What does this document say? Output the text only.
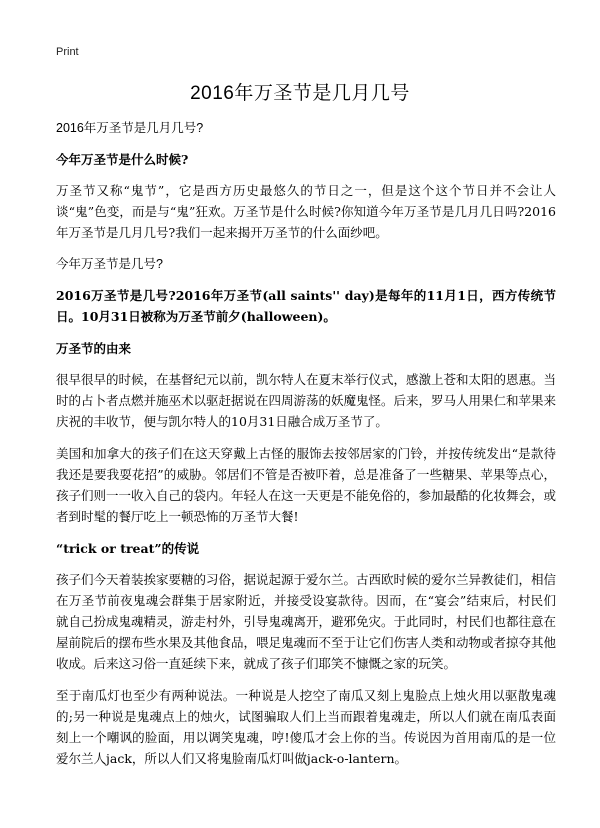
Print
2016年万圣节是几月几号

2016年万圣节是几月几号?

今年万圣节是什么时候?

万圣节又称“鬼节”，它是西方历史最悠久的节日之一，但是这个这个节日并不会让人谈“鬼”色变，而是与“鬼”狂欢。万圣节是什么时候?你知道今年万圣节是几月几日吗?2016年万圣节是几月几号?我们一起来揭开万圣节的什么面纱吧。

今年万圣节是几号?

2016万圣节是几号?2016年万圣节(all saints'' day)是每年的11月1日，西方传统节日。10月31日被称为万圣节前夕(halloween)。

万圣节的由来

很早很早的时候，在基督纪元以前，凯尔特人在夏末举行仪式，感激上苍和太阳的恩惠。当时的占卜者点燃并施巫术以驱赶据说在四周游荡的妖魔鬼怪。后来，罗马人用果仁和苹果来庆祝的丰收节，便与凯尔特人的10月31日融合成万圣节了。

美国和加拿大的孩子们在这天穿戴上古怪的服饰去按邻居家的门铃，并按传统发出“是款待我还是要我耍花招”的威胁。邻居们不管是否被吓着，总是准备了一些糖果、苹果等点心，孩子们则一一收入自己的袋内。年轻人在这一天更是不能免俗的，参加最酷的化妆舞会，或者到时髦的餐厅吃上一顿恐怖的万圣节大餐!

“trick or treat”的传说

孩子们今天着装挨家要糖的习俗，据说起源于爱尔兰。古西欧时候的爱尔兰异教徒们，相信在万圣节前夜鬼魂会群集于居家附近，并接受设宴款待。因而，在“宴会”结束后，村民们就自己扮成鬼魂精灵，游走村外，引导鬼魂离开，避邪免灾。于此同时，村民们也都往意在屋前院后的摆布些水果及其他食品，喂足鬼魂而不至于让它们伤害人类和动物或者掠夺其他收成。后来这习俗一直延续下来，就成了孩子们耶笑不慷慨之家的玩笑。

至于南瓜灯也至少有两种说法。一种说是人挖空了南瓜又刻上鬼脸点上烛火用以驱散鬼魂的;另一种说是鬼魂点上的烛火，试图骗取人们上当而跟着鬼魂走，所以人们就在南瓜表面刻上一个嘲讽的脸面，用以调笑鬼魂，哼!傻瓜才会上你的当。传说因为首用南瓜的是一位爱尔兰人jack，所以人们又将鬼脸南瓜灯叫做jack-o-lantern。
